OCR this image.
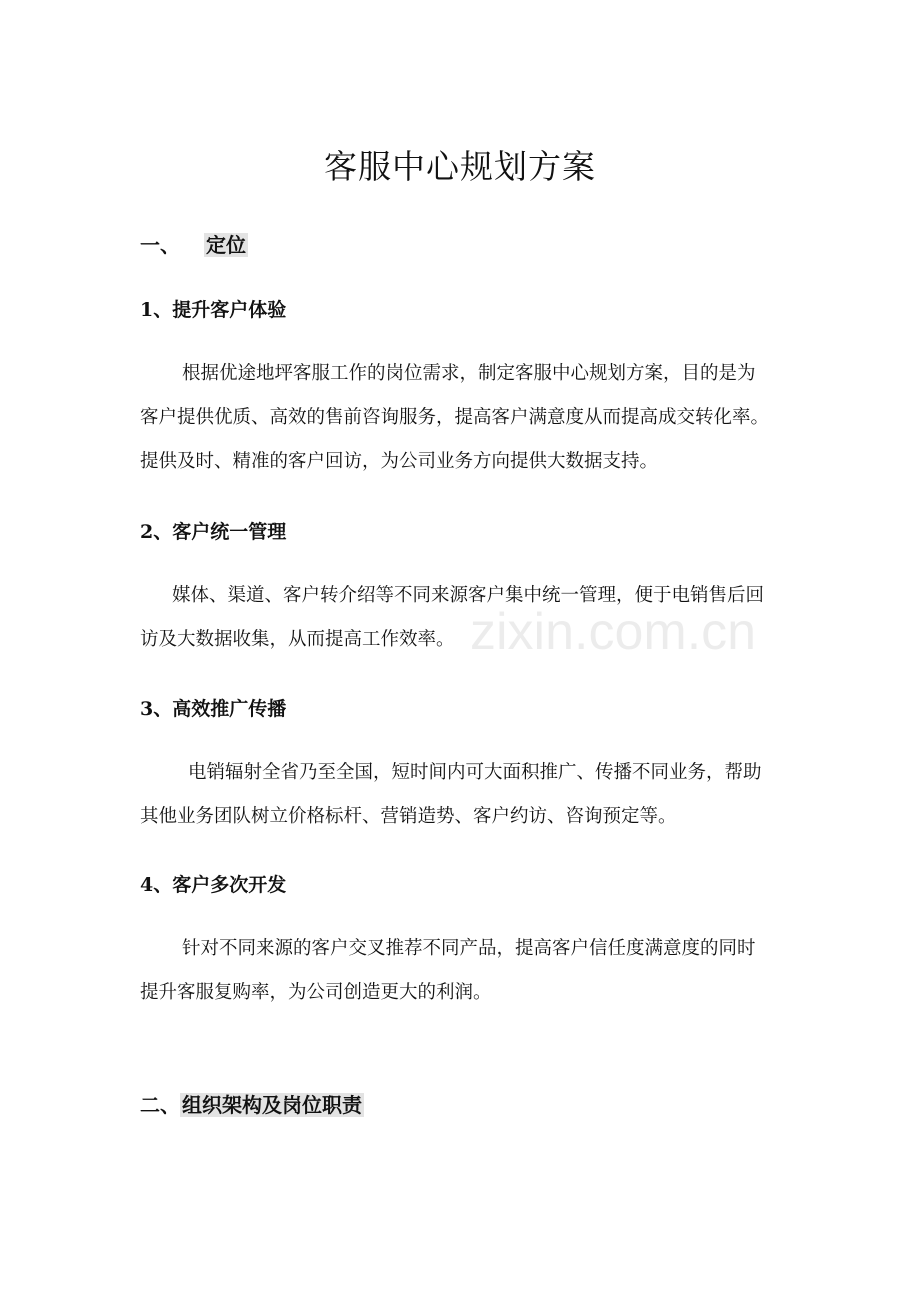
客服中心规划方案
一、 定位
1、提升客户体验
根据优途地坪客服工作的岗位需求，制定客服中心规划方案，目的是为
客户提供优质、高效的售前咨询服务，提高客户满意度从而提高成交转化率。
提供及时、精准的客户回访，为公司业务方向提供大数据支持。
2、客户统一管理
媒体、渠道、客户转介绍等不同来源客户集中统一管理，便于电销售后回
访及大数据收集，从而提高工作效率。
3、高效推广传播
电销辐射全省乃至全国，短时间内可大面积推广、传播不同业务，帮助
其他业务团队树立价格标杆、营销造势、客户约访、咨询预定等。
4、客户多次开发
针对不同来源的客户交叉推荐不同产品，提高客户信任度满意度的同时
提升客服复购率，为公司创造更大的利润。
二、 组织架构及岗位职责
zixin.com.cn
